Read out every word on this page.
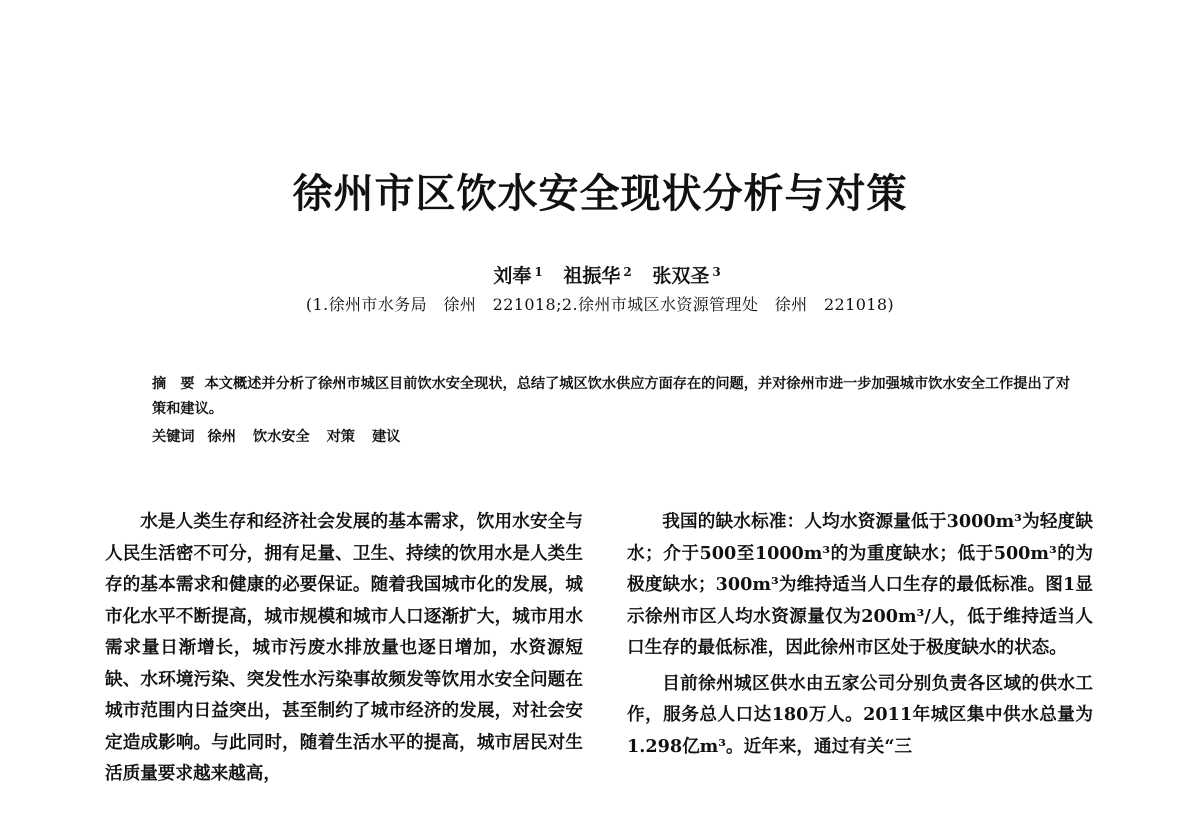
徐州市区饮水安全现状分析与对策
刘奉 $^1$ 祖振华 $^2$ 张双圣 $^3$
(1.徐州市水务局　徐州　221018;2.徐州市城区水资源管理处　徐州　221018)
摘　要 本文概述并分析了徐州市城区目前饮水安全现状，总结了城区饮水供应方面存在的问题，并对徐州市进一步加强城市饮水安全工作提出了对策和建议。
关键词 徐州 饮水安全 对策 建议

水是人类生存和经济社会发展的基本需求，饮用水安全与人民生活密不可分，拥有足量、卫生、持续的饮用水是人类生存的基本需求和健康的必要保证。随着我国城市化的发展，城市化水平不断提高，城市规模和城市人口逐渐扩大，城市用水需求量日渐增长，城市污废水排放量也逐日增加，水资源短缺、水环境污染、突发性水污染事故频发等饮用水安全问题在城市范围内日益突出，甚至制约了城市经济的发展，对社会安定造成影响。与此同时，随着生活水平的提高，城市居民对生活质量要求越来越高，

我国的缺水标准：人均水资源量低于3000m³为轻度缺水；介于500至1000m³的为重度缺水；低于500m³的为极度缺水；300m³为维持适当人口生存的最低标准。图1显示徐州市区人均水资源量仅为200m³/人，低于维持适当人口生存的最低标准，因此徐州市区处于极度缺水的状态。

目前徐州城区供水由五家公司分别负责各区域的供水工作，服务总人口达180万人。2011年城区集中供水总量为1.298亿m³。近年来，通过有关“三
